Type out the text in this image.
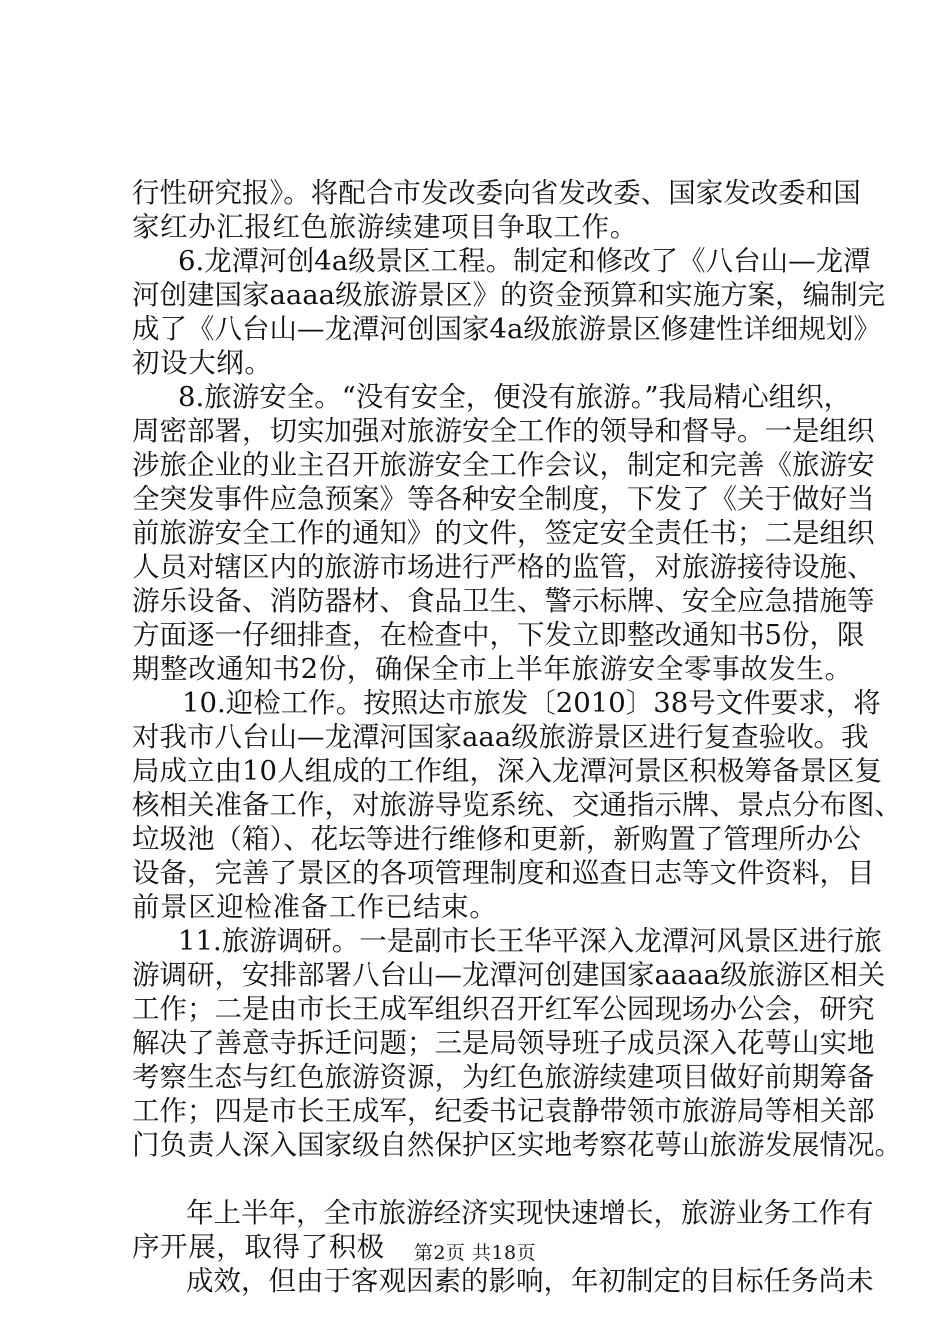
行性研究报》。将配合市发改委向省发改委、国家发改委和国
家红办汇报红色旅游续建项目争取工作。
6.龙潭河创4a级景区工程。制定和修改了《八台山—龙潭
河创建国家aaaa级旅游景区》的资金预算和实施方案，编制完
成了《八台山—龙潭河创国家4a级旅游景区修建性详细规划》
初设大纲。
8.旅游安全。“没有安全，便没有旅游。”我局精心组织，
周密部署，切实加强对旅游安全工作的领导和督导。一是组织
涉旅企业的业主召开旅游安全工作会议，制定和完善《旅游安
全突发事件应急预案》等各种安全制度，下发了《关于做好当
前旅游安全工作的通知》的文件，签定安全责任书；二是组织
人员对辖区内的旅游市场进行严格的监管，对旅游接待设施、
游乐设备、消防器材、食品卫生、警示标牌、安全应急措施等
方面逐一仔细排查，在检查中，下发立即整改通知书5份，限
期整改通知书2份，确保全市上半年旅游安全零事故发生。
10.迎检工作。按照达市旅发〔2010〕38号文件要求，将
对我市八台山—龙潭河国家aaa级旅游景区进行复查验收。我
局成立由10人组成的工作组，深入龙潭河景区积极筹备景区复
核相关准备工作，对旅游导览系统、交通指示牌、景点分布图、
垃圾池（箱）、花坛等进行维修和更新，新购置了管理所办公
设备，完善了景区的各项管理制度和巡查日志等文件资料，目
前景区迎检准备工作已结束。
11.旅游调研。一是副市长王华平深入龙潭河风景区进行旅
游调研，安排部署八台山—龙潭河创建国家aaaa级旅游区相关
工作；二是由市长王成军组织召开红军公园现场办公会，研究
解决了善意寺拆迁问题；三是局领导班子成员深入花萼山实地
考察生态与红色旅游资源，为红色旅游续建项目做好前期筹备
工作；四是市长王成军，纪委书记袁静带领市旅游局等相关部
门负责人深入国家级自然保护区实地考察花萼山旅游发展情况。
年上半年，全市旅游经济实现快速增长，旅游业务工作有
序开展，取得了积极
成效，但由于客观因素的影响，年初制定的目标任务尚未
第2页 共18页
